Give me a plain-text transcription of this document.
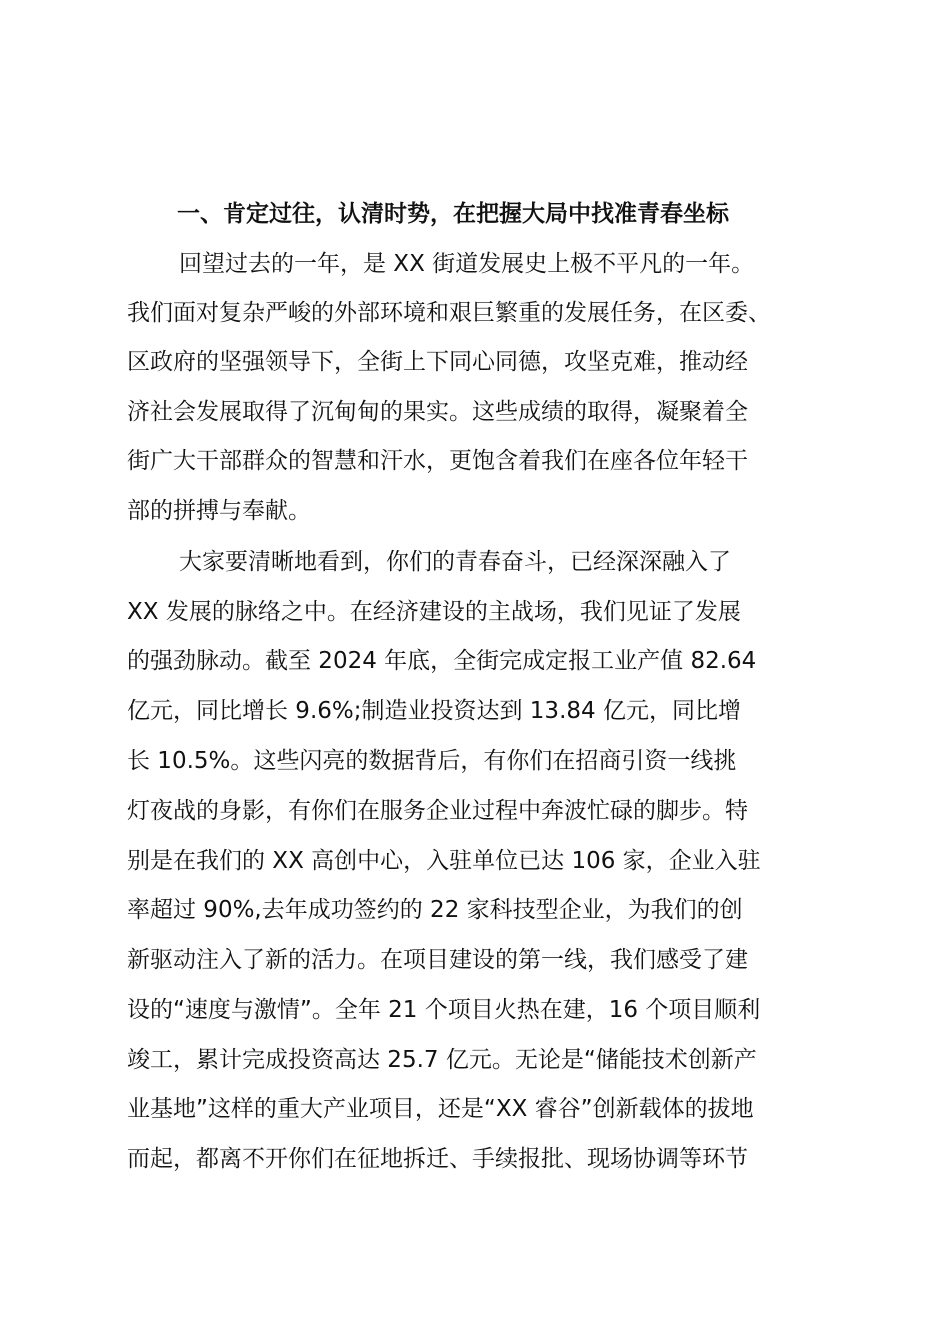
一、肯定过往，认清时势，在把握大局中找准青春坐标
回望过去的一年，是 XX 街道发展史上极不平凡的一年。
我们面对复杂严峻的外部环境和艰巨繁重的发展任务，在区委、
区政府的坚强领导下，全街上下同心同德，攻坚克难，推动经
济社会发展取得了沉甸甸的果实。这些成绩的取得，凝聚着全
街广大干部群众的智慧和汗水，更饱含着我们在座各位年轻干
部的拼搏与奉献。
大家要清晰地看到，你们的青春奋斗，已经深深融入了
XX 发展的脉络之中。在经济建设的主战场，我们见证了发展
的强劲脉动。截至 2024 年底，全街完成定报工业产值 82.64
亿元，同比增长 9.6%;制造业投资达到 13.84 亿元，同比增
长 10.5%。这些闪亮的数据背后，有你们在招商引资一线挑
灯夜战的身影，有你们在服务企业过程中奔波忙碌的脚步。特
别是在我们的 XX 高创中心，入驻单位已达 106 家，企业入驻
率超过 90%,去年成功签约的 22 家科技型企业，为我们的创
新驱动注入了新的活力。在项目建设的第一线，我们感受了建
设的“速度与激情”。全年 21 个项目火热在建，16 个项目顺利
竣工，累计完成投资高达 25.7 亿元。无论是“储能技术创新产
业基地”这样的重大产业项目，还是“XX 睿谷”创新载体的拔地
而起，都离不开你们在征地拆迁、手续报批、现场协调等环节
